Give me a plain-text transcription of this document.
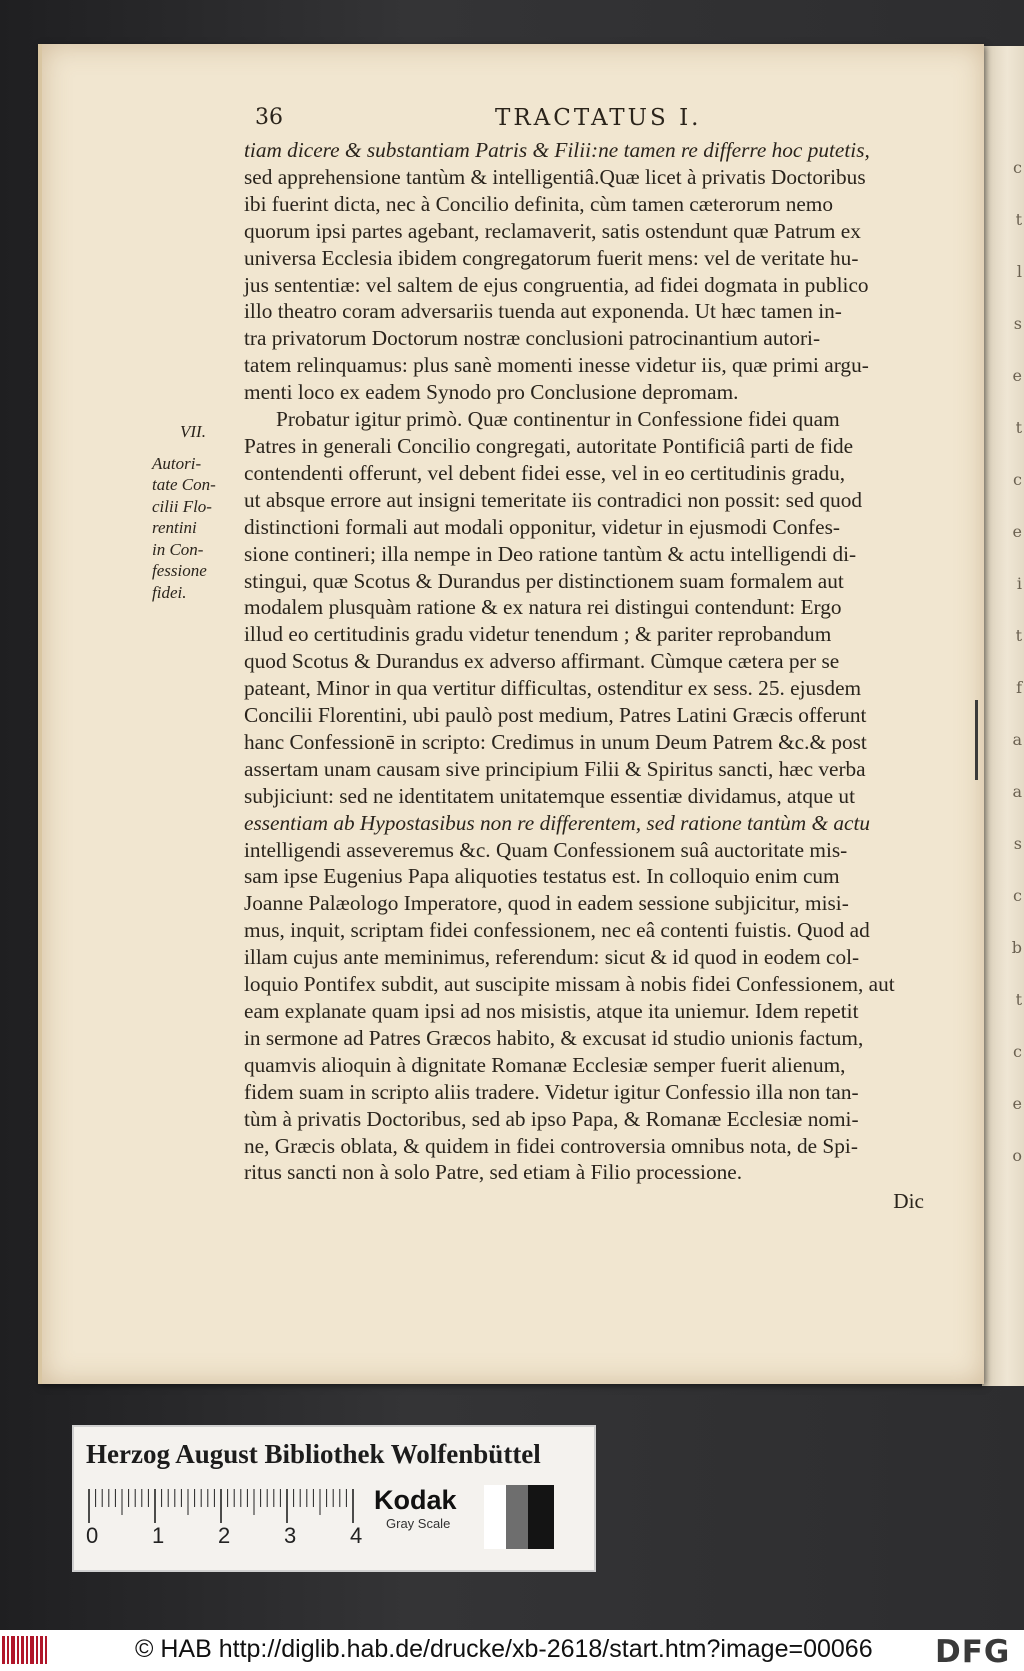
c
t
l
s
e
t
c
e
i
t
f
a
a
s
c
b
t
c
e
o
36	TRACTATUS I.
tiam dicere & substantiam Patris & Filii:ne tamen re differre hoc putetis,
sed apprehensione tantùm & intelligentiâ.Quæ licet à privatis Doctoribus
ibi fuerint dicta, nec à Concilio definita, cùm tamen cæterorum nemo
quorum ipsi partes agebant, reclamaverit, satis ostendunt quæ Patrum ex
universa Ecclesia ibidem congregatorum fuerit mens: vel de veritate hu-
jus sententiæ: vel saltem de ejus congruentia, ad fidei dogmata in publico
illo theatro coram adversariis tuenda aut exponenda. Ut hæc tamen in-
tra privatorum Doctorum nostræ conclusioni patrocinantium autori-
tatem relinquamus: plus sanè momenti inesse videtur iis, quæ primi argu-
menti loco ex eadem Synodo pro Conclusione depromam.
Probatur igitur primò. Quæ continentur in Confessione fidei quam
Patres in generali Concilio congregati, autoritate Pontificiâ parti de fide
contendenti offerunt, vel debent fidei esse, vel in eo certitudinis gradu,
ut absque errore aut insigni temeritate iis contradici non possit: sed quod
distinctioni formali aut modali opponitur, videtur in ejusmodi Confes-
sione contineri; illa nempe in Deo ratione tantùm & actu intelligendi di-
stingui, quæ Scotus & Durandus per distinctionem suam formalem aut
modalem plusquàm ratione & ex natura rei distingui contendunt: Ergo
illud eo certitudinis gradu videtur tenendum ; & pariter reprobandum
quod Scotus & Durandus ex adverso affirmant. Cùmque cætera per se
pateant, Minor in qua vertitur difficultas, ostenditur ex sess. 25. ejusdem
Concilii Florentini, ubi paulò post medium, Patres Latini Græcis offerunt
hanc Confessionē in scripto: Credimus in unum Deum Patrem &c.& post
assertam unam causam sive principium Filii & Spiritus sancti, hæc verba
subjiciunt: sed ne identitatem unitatemque essentiæ dividamus, atque ut
essentiam ab Hypostasibus non re differentem, sed ratione tantùm & actu
intelligendi asseveremus &c. Quam Confessionem suâ auctoritate mis-
sam ipse Eugenius Papa aliquoties testatus est. In colloquio enim cum
Joanne Palæologo Imperatore, quod in eadem sessione subjicitur, misi-
mus, inquit, scriptam fidei confessionem, nec eâ contenti fuistis. Quod ad
illam cujus ante meminimus, referendum: sicut & id quod in eodem col-
loquio Pontifex subdit, aut suscipite missam à nobis fidei Confessionem, aut
eam explanate quam ipsi ad nos misistis, atque ita uniemur. Idem repetit
in sermone ad Patres Græcos habito, & excusat id studio unionis factum,
quamvis alioquin à dignitate Romanæ Ecclesiæ semper fuerit alienum,
fidem suam in scripto aliis tradere. Videtur igitur Confessio illa non tan-
tùm à privatis Doctoribus, sed ab ipso Papa, & Romanæ Ecclesiæ nomi-
ne, Græcis oblata, & quidem in fidei controversia omnibus nota, de Spi-
ritus sancti non à solo Patre, sed etiam à Filio processione.
Dic
VII.
Autori-
tate Con-
cilii Flo-
rentini
in Con-
fessione
fidei.
Herzog August Bibliothek Wolfenbüttel
0 1 2 3 4
Kodak
Gray Scale
© HAB http://diglib.hab.de/drucke/xb-2618/start.htm?image=00066 DFG
